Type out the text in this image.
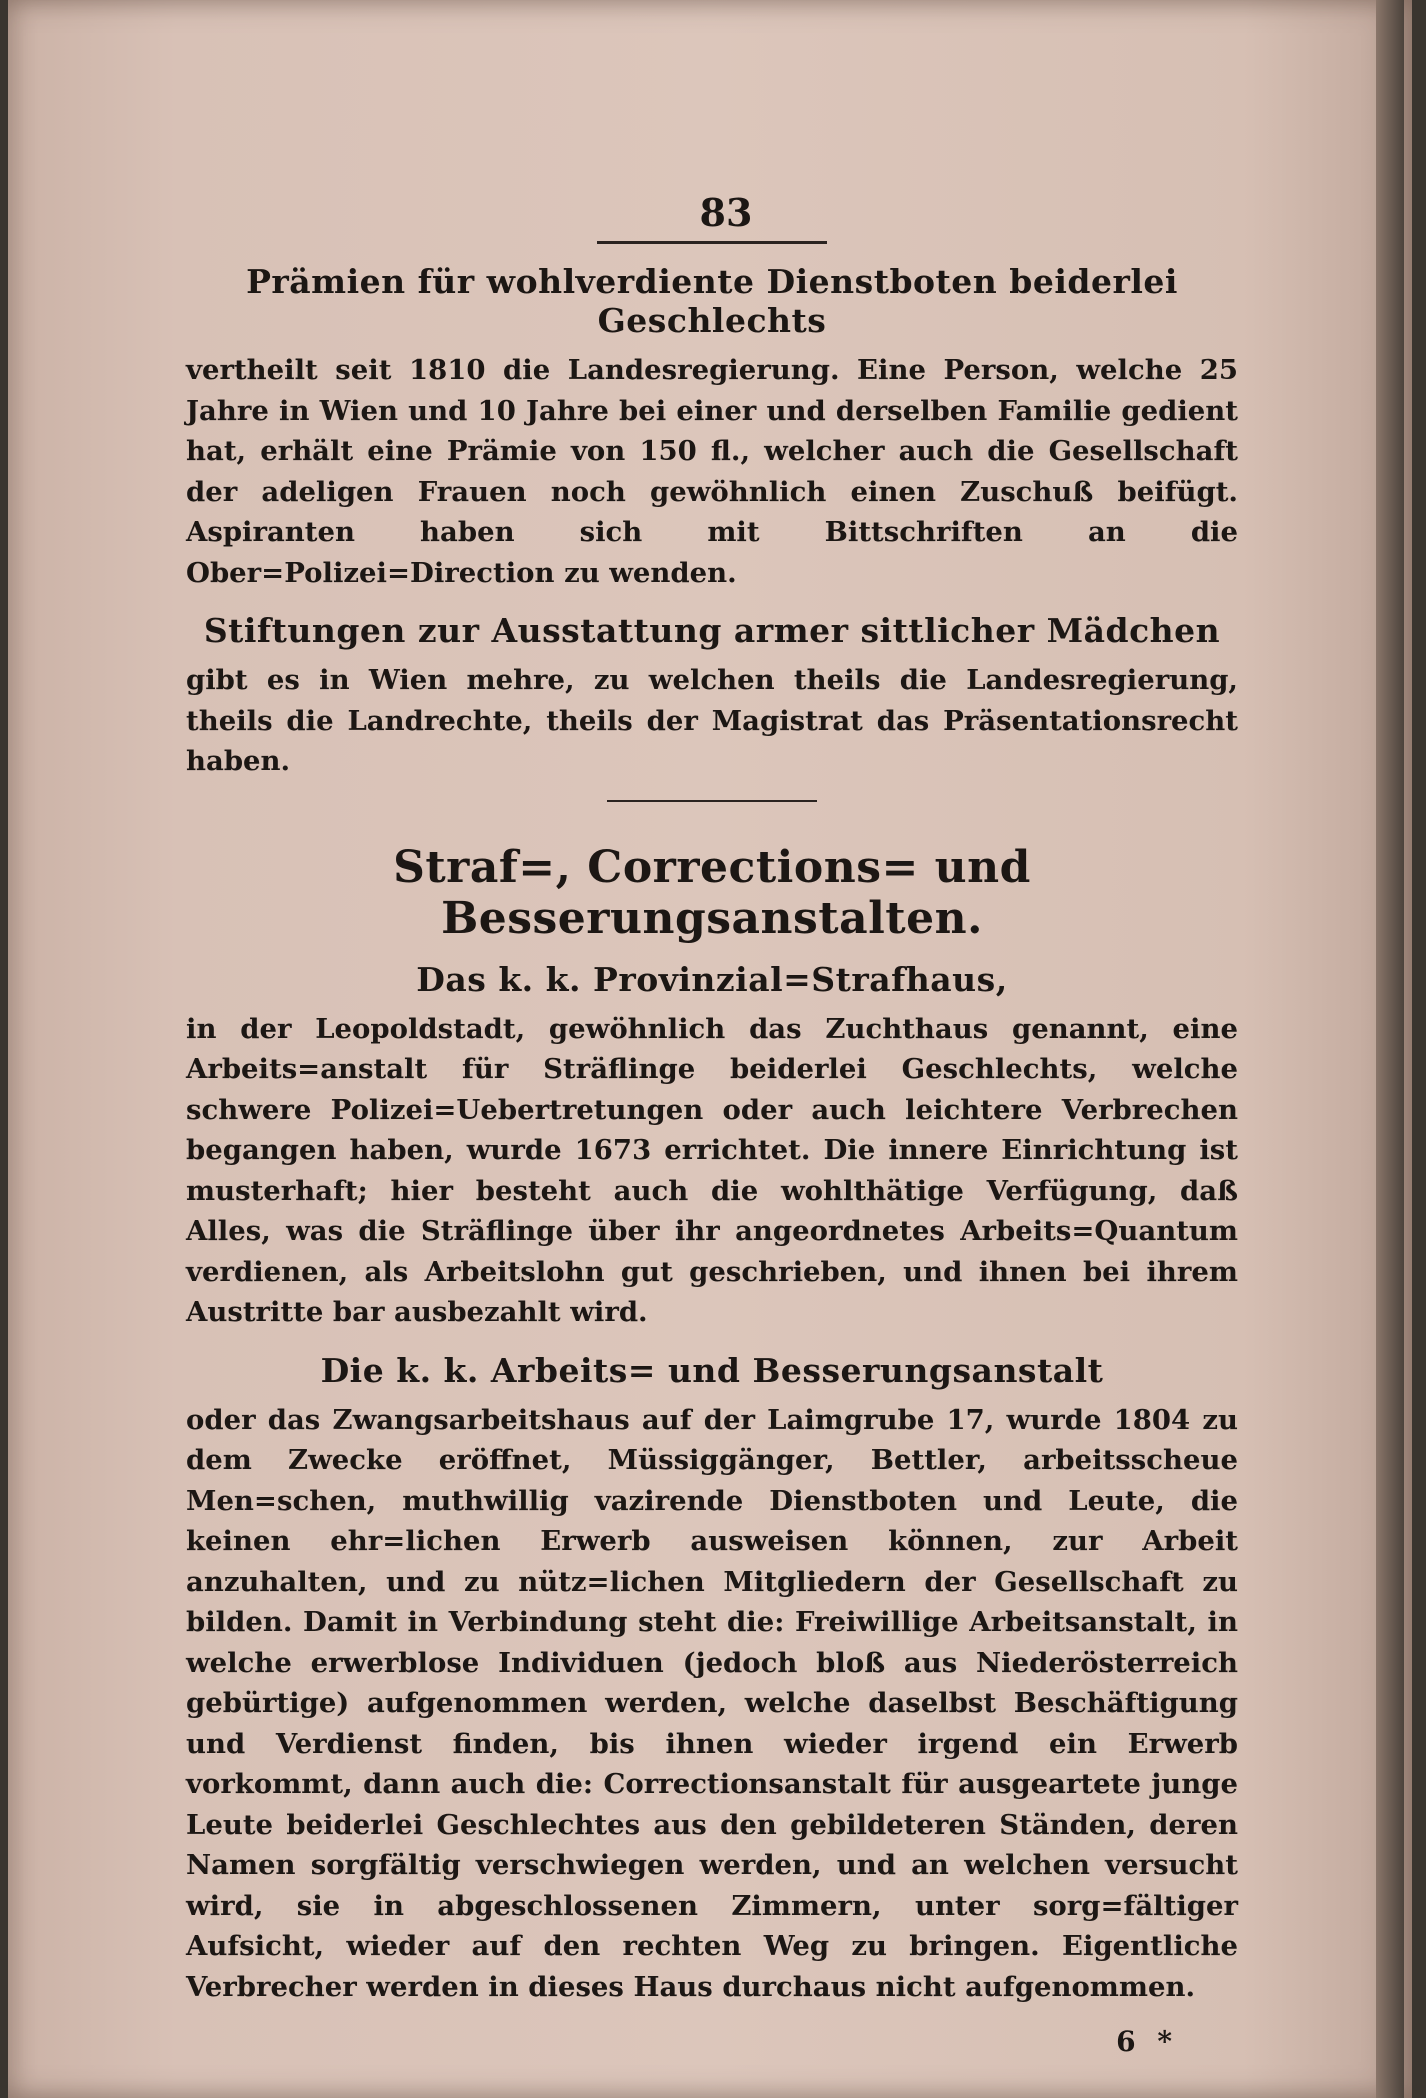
83
Prämien für wohlverdiente Dienstboten beiderlei Geschlechts

vertheilt seit 1810 die Landesregierung. Eine Person, welche 25 Jahre in Wien und 10 Jahre bei einer und derselben Familie gedient hat, erhält eine Prämie von 150 fl., welcher auch die Gesellschaft der adeligen Frauen noch gewöhnlich einen Zuschuß beifügt. Aspiranten haben sich mit Bittschriften an die Ober=Polizei=Direction zu wenden.

Stiftungen zur Ausstattung armer sittlicher Mädchen

gibt es in Wien mehre, zu welchen theils die Landesregierung, theils die Landrechte, theils der Magistrat das Präsentationsrecht haben.

Straf=, Corrections= und Besserungsanstalten.
Das k. k. Provinzial=Strafhaus,

in der Leopoldstadt, gewöhnlich das Zuchthaus genannt, eine Arbeits=anstalt für Sträflinge beiderlei Geschlechts, welche schwere Polizei=Uebertretungen oder auch leichtere Verbrechen begangen haben, wurde 1673 errichtet. Die innere Einrichtung ist musterhaft; hier besteht auch die wohlthätige Verfügung, daß Alles, was die Sträflinge über ihr angeordnetes Arbeits=Quantum verdienen, als Arbeitslohn gut geschrieben, und ihnen bei ihrem Austritte bar ausbezahlt wird.

Die k. k. Arbeits= und Besserungsanstalt

oder das Zwangsarbeitshaus auf der Laimgrube 17, wurde 1804 zu dem Zwecke eröffnet, Müssiggänger, Bettler, arbeitsscheue Men=schen, muthwillig vazirende Dienstboten und Leute, die keinen ehr=lichen Erwerb ausweisen können, zur Arbeit anzuhalten, und zu nütz=lichen Mitgliedern der Gesellschaft zu bilden. Damit in Verbindung steht die: Freiwillige Arbeitsanstalt, in welche erwerblose Individuen (jedoch bloß aus Niederösterreich gebürtige) aufgenommen werden, welche daselbst Beschäftigung und Verdienst finden, bis ihnen wieder irgend ein Erwerb vorkommt, dann auch die: Correctionsanstalt für ausgeartete junge Leute beiderlei Geschlechtes aus den gebildeteren Ständen, deren Namen sorgfältig verschwiegen werden, und an welchen versucht wird, sie in abgeschlossenen Zimmern, unter sorg=fältiger Aufsicht, wieder auf den rechten Weg zu bringen. Eigentliche Verbrecher werden in dieses Haus durchaus nicht aufgenommen.

6 *
